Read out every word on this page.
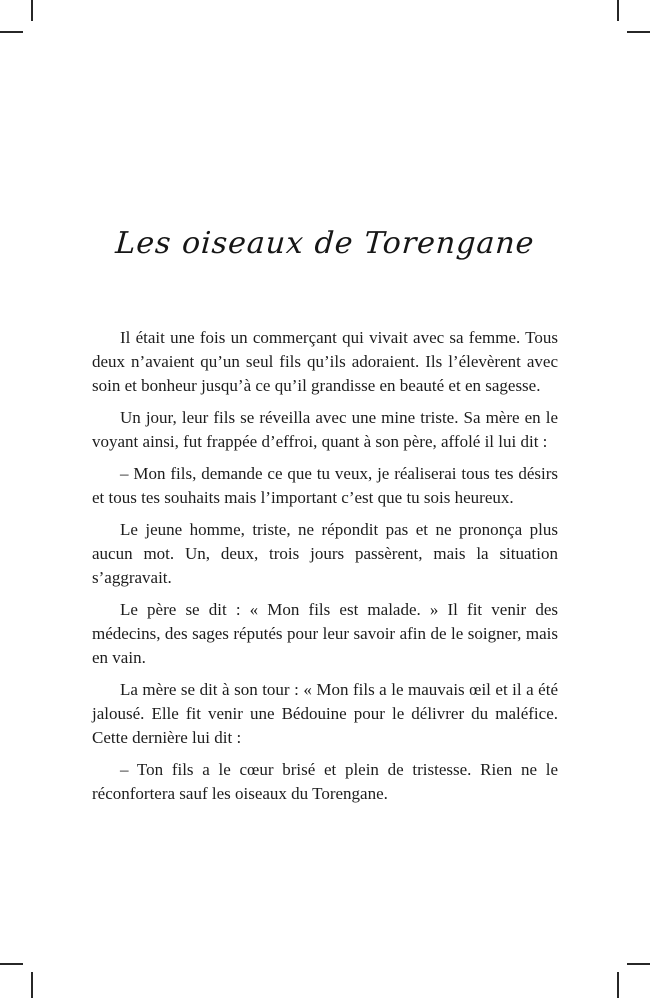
Les oiseaux de Torengane

Il était une fois un commerçant qui vivait avec sa femme. Tous deux n’avaient qu’un seul fils qu’ils adoraient. Ils l’élevèrent avec soin et bonheur jusqu’à ce qu’il grandisse en beauté et en sagesse.

Un jour, leur fils se réveilla avec une mine triste. Sa mère en le voyant ainsi, fut frappée d’effroi, quant à son père, affolé il lui dit :

– Mon fils, demande ce que tu veux, je réaliserai tous tes désirs et tous tes souhaits mais l’important c’est que tu sois heureux.

Le jeune homme, triste, ne répondit pas et ne prononça plus aucun mot. Un, deux, trois jours passèrent, mais la situation s’aggravait.

Le père se dit : « Mon fils est malade. » Il fit venir des médecins, des sages réputés pour leur savoir afin de le soigner, mais en vain.

La mère se dit à son tour : « Mon fils a le mauvais œil et il a été jalousé. Elle fit venir une Bédouine pour le délivrer du maléfice. Cette dernière lui dit :

– Ton fils a le cœur brisé et plein de tristesse. Rien ne le réconfortera sauf les oiseaux du Torengane.
